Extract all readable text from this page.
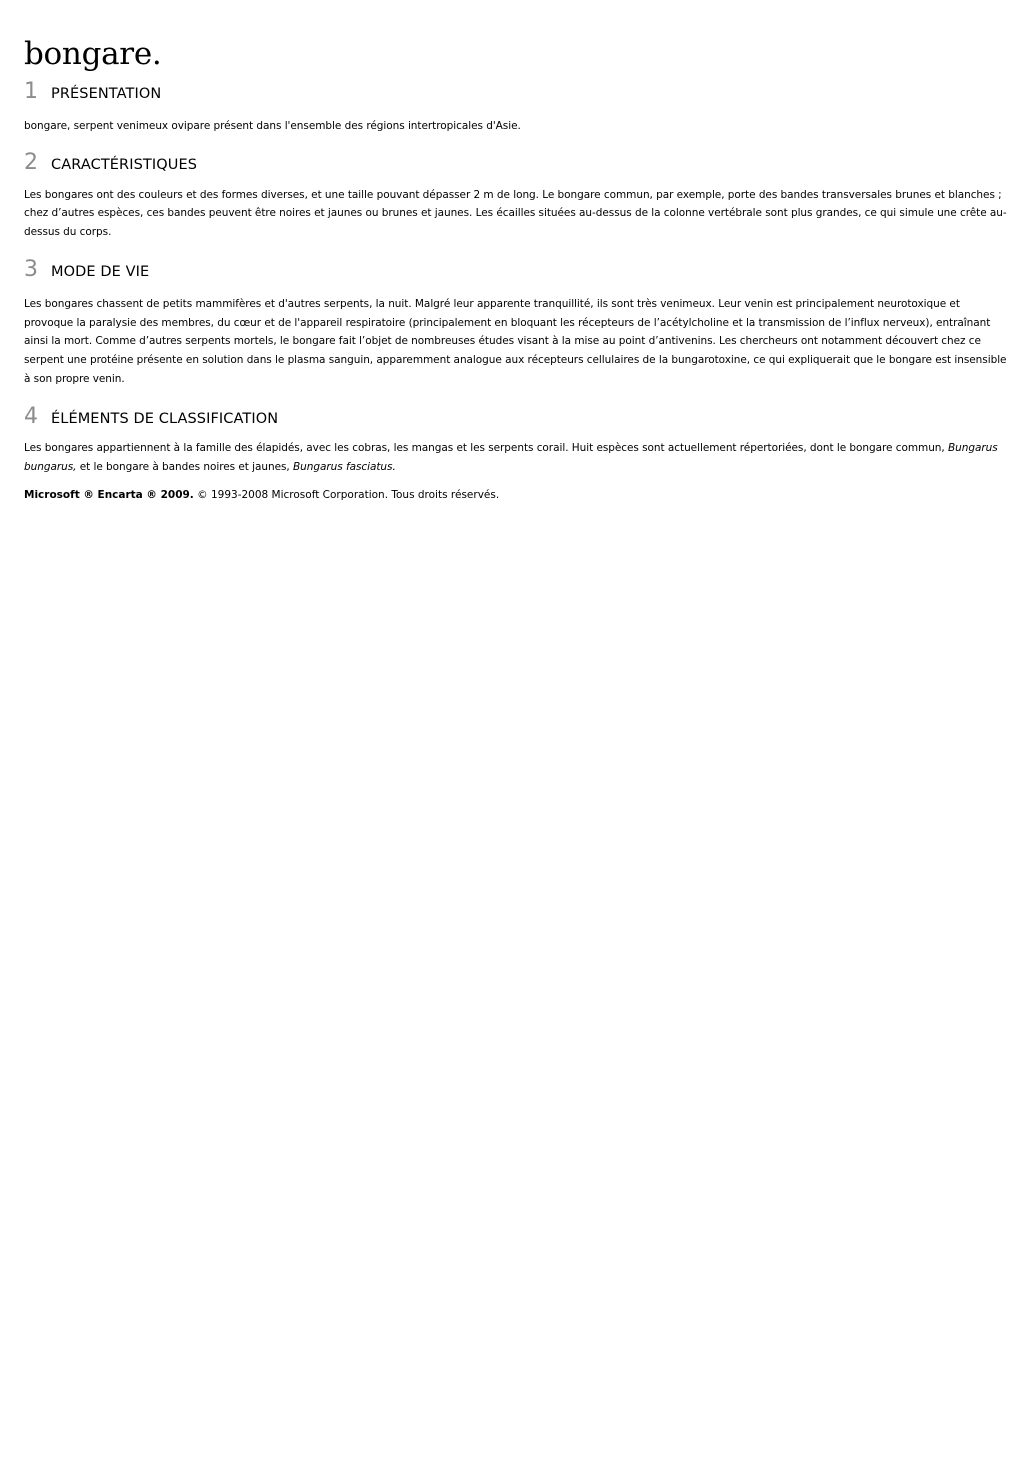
bongare.
1 PRÉSENTATION

bongare, serpent venimeux ovipare présent dans l'ensemble des régions intertropicales d'Asie.

2 CARACTÉRISTIQUES

Les bongares ont des couleurs et des formes diverses, et une taille pouvant dépasser 2 m de long. Le bongare commun, par exemple, porte des bandes transversales brunes et blanches ; chez d’autres espèces, ces bandes peuvent être noires et jaunes ou brunes et jaunes. Les écailles situées au-dessus de la colonne vertébrale sont plus grandes, ce qui simule une crête au-dessus du corps.

3 MODE DE VIE

Les bongares chassent de petits mammifères et d'autres serpents, la nuit. Malgré leur apparente tranquillité, ils sont très venimeux. Leur venin est principalement neurotoxique et provoque la paralysie des membres, du cœur et de l'appareil respiratoire (principalement en bloquant les récepteurs de l’acétylcholine et la transmission de l’influx nerveux), entraînant ainsi la mort. Comme d’autres serpents mortels, le bongare fait l’objet de nombreuses études visant à la mise au point d’antivenins. Les chercheurs ont notamment découvert chez ce serpent une protéine présente en solution dans le plasma sanguin, apparemment analogue aux récepteurs cellulaires de la bungarotoxine, ce qui expliquerait que le bongare est insensible à son propre venin.

4 ÉLÉMENTS DE CLASSIFICATION

Les bongares appartiennent à la famille des élapidés, avec les cobras, les mangas et les serpents corail. Huit espèces sont actuellement répertoriées, dont le bongare commun, Bungarus bungarus, et le bongare à bandes noires et jaunes, Bungarus fasciatus.

Microsoft ® Encarta ® 2009. © 1993-2008 Microsoft Corporation. Tous droits réservés.
